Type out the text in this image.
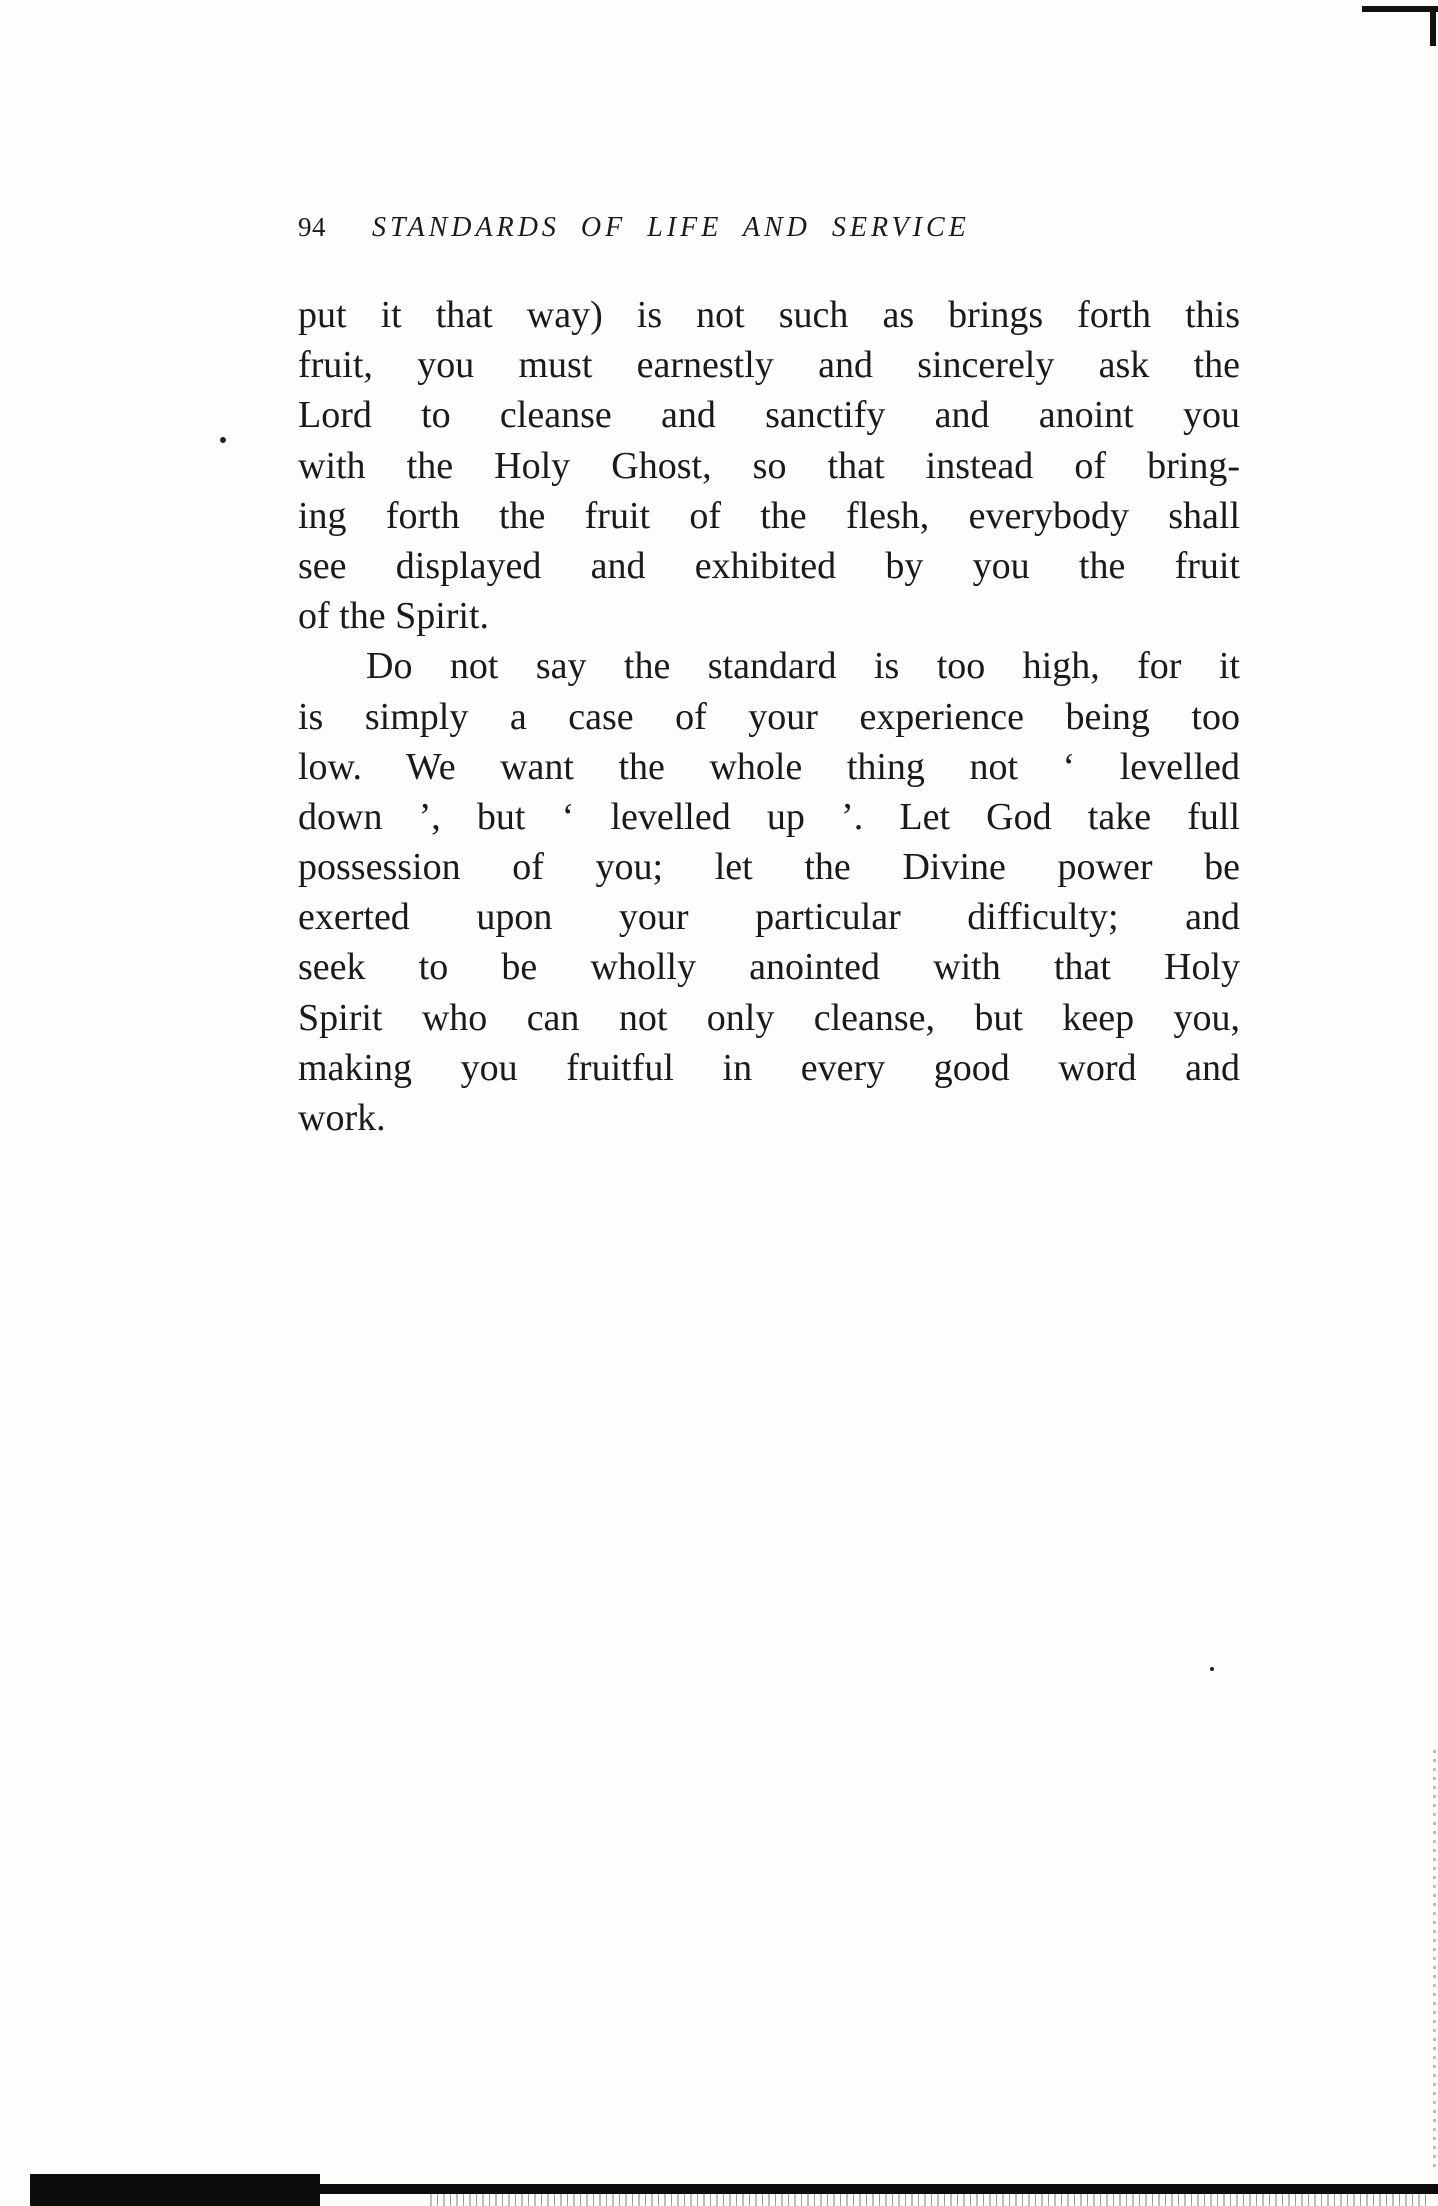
94 STANDARDS OF LIFE AND SERVICE

put it that way) is not such as brings forth this
fruit, you must earnestly and sincerely ask the
Lord to cleanse and sanctify and anoint you
with the Holy Ghost, so that instead of bring-
ing forth the fruit of the flesh, everybody shall
see displayed and exhibited by you the fruit
of the Spirit.

Do not say the standard is too high, for it
is simply a case of your experience being too
low. We want the whole thing not ‘ levelled
down ’, but ‘ levelled up ’. Let God take full
possession of you; let the Divine power be
exerted upon your particular difficulty; and
seek to be wholly anointed with that Holy
Spirit who can not only cleanse, but keep you,
making you fruitful in every good word and
work.
